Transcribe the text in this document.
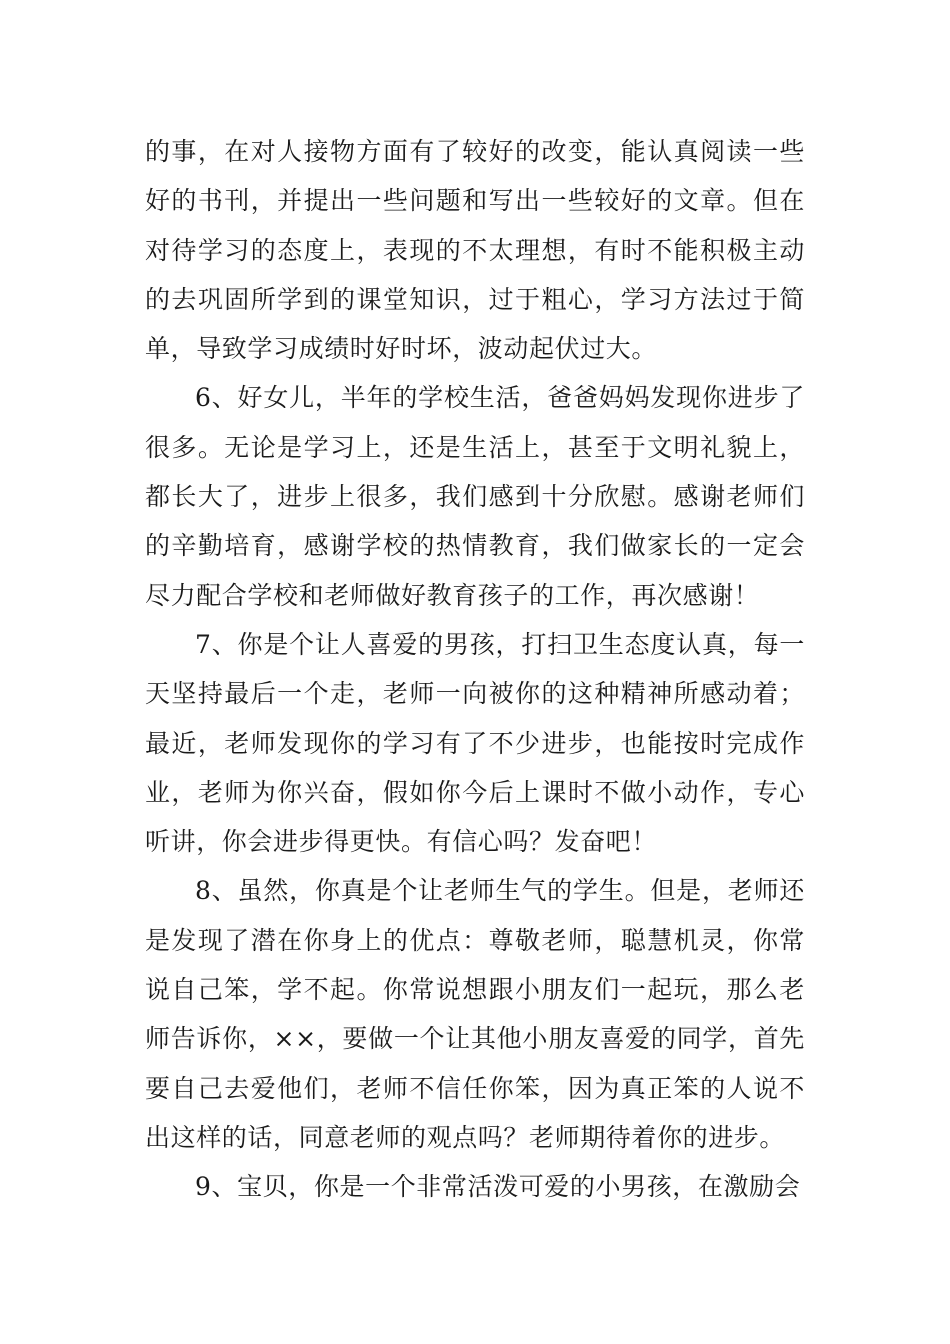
的事，在对人接物方面有了较好的改变，能认真阅读一些好的书刊，并提出一些问题和写出一些较好的文章。但在对待学习的态度上，表现的不太理想，有时不能积极主动的去巩固所学到的课堂知识，过于粗心，学习方法过于简单，导致学习成绩时好时坏，波动起伏过大。

6、好女儿，半年的学校生活，爸爸妈妈发现你进步了很多。无论是学习上，还是生活上，甚至于文明礼貌上，都长大了，进步上很多，我们感到十分欣慰。感谢老师们的辛勤培育，感谢学校的热情教育，我们做家长的一定会尽力配合学校和老师做好教育孩子的工作，再次感谢！

7、你是个让人喜爱的男孩，打扫卫生态度认真，每一天坚持最后一个走，老师一向被你的这种精神所感动着；最近，老师发现你的学习有了不少进步，也能按时完成作业，老师为你兴奋，假如你今后上课时不做小动作，专心听讲，你会进步得更快。有信心吗？发奋吧！

8、虽然，你真是个让老师生气的学生。但是，老师还是发现了潜在你身上的优点：尊敬老师，聪慧机灵，你常说自己笨，学不起。你常说想跟小朋友们一起玩，那么老师告诉你，××，要做一个让其他小朋友喜爱的同学，首先要自己去爱他们，老师不信任你笨，因为真正笨的人说不出这样的话，同意老师的观点吗？老师期待着你的进步。

9、宝贝，你是一个非常活泼可爱的小男孩，在激励会
